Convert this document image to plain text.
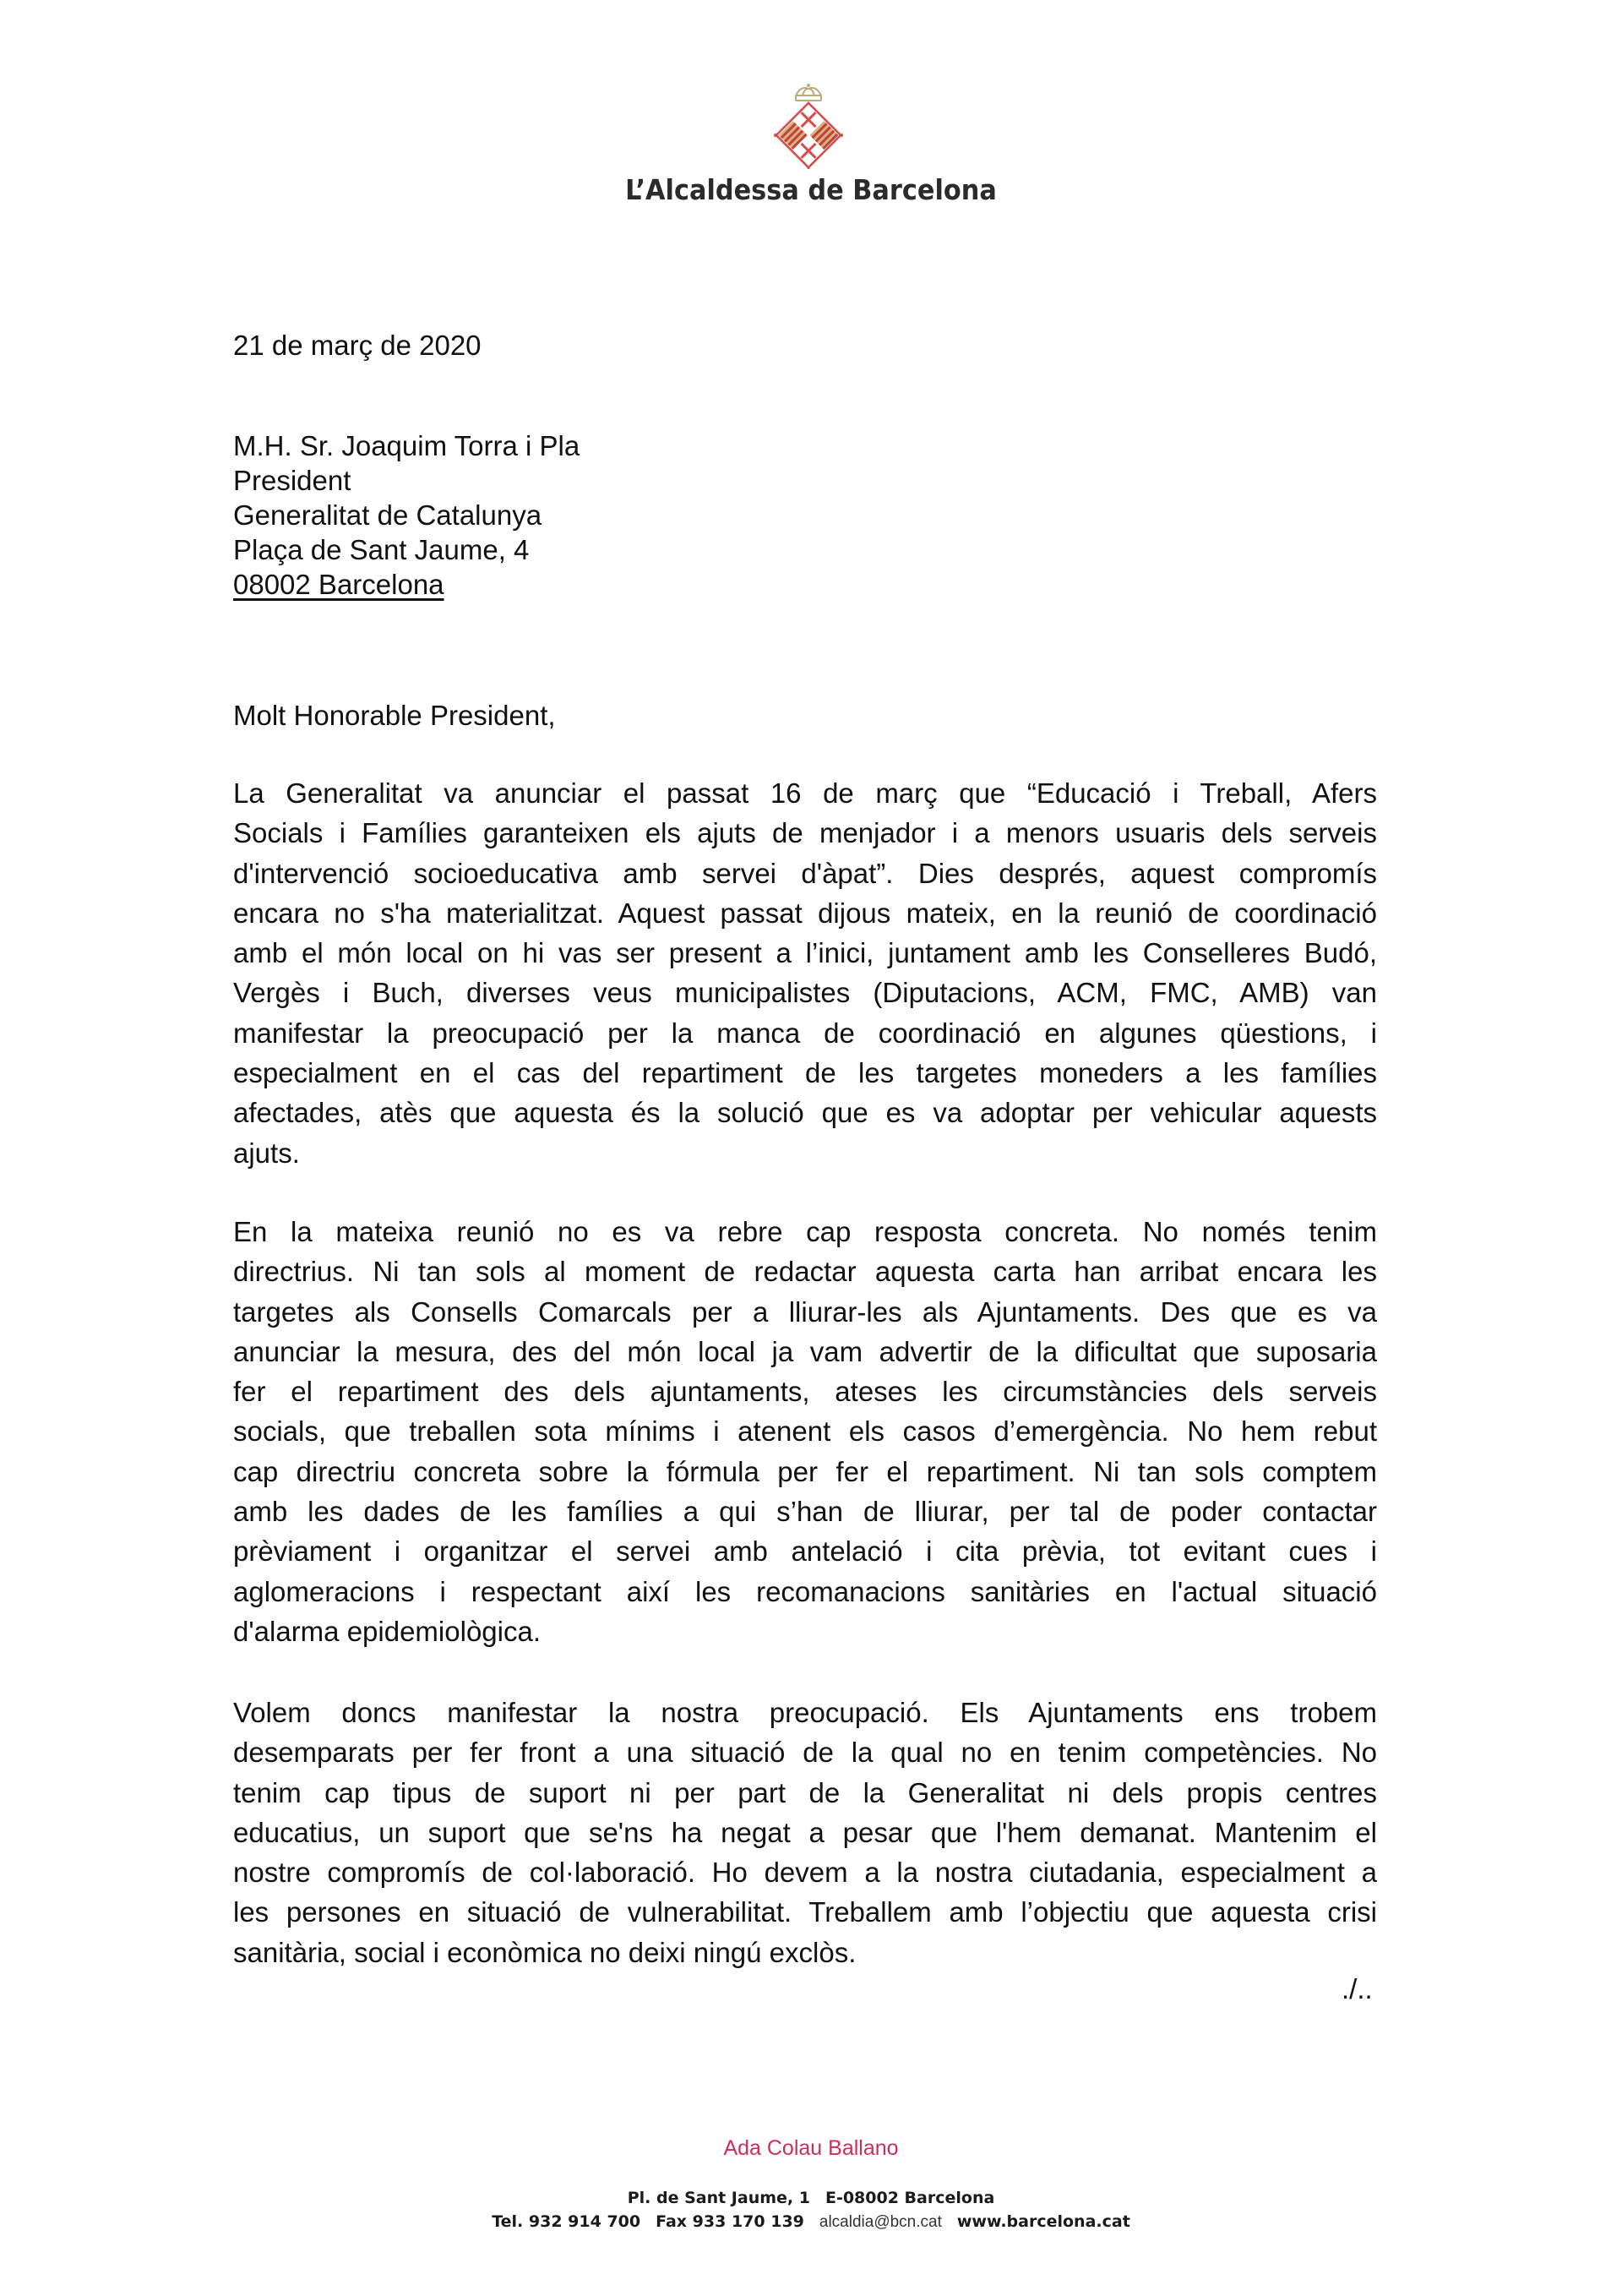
L’Alcaldessa de Barcelona
21 de març de 2020
M.H. Sr. Joaquim Torra i Pla
President
Generalitat de Catalunya
Plaça de Sant Jaume, 4
08002 Barcelona
Molt Honorable President,
La Generalitat va anunciar el passat 16 de març que “Educació i Treball, Afers
Socials i Famílies garanteixen els ajuts de menjador i a menors usuaris dels serveis
d'intervenció socioeducativa amb servei d'àpat”. Dies després, aquest compromís
encara no s'ha materialitzat. Aquest passat dijous mateix, en la reunió de coordinació
amb el món local on hi vas ser present a l’inici, juntament amb les Conselleres Budó,
Vergès i Buch, diverses veus municipalistes (Diputacions, ACM, FMC, AMB) van
manifestar la preocupació per la manca de coordinació en algunes qüestions, i
especialment en el cas del repartiment de les targetes moneders a les famílies
afectades, atès que aquesta és la solució que es va adoptar per vehicular aquests
ajuts.
En la mateixa reunió no es va rebre cap resposta concreta. No només tenim
directrius. Ni tan sols al moment de redactar aquesta carta han arribat encara les
targetes als Consells Comarcals per a lliurar-les als Ajuntaments. Des que es va
anunciar la mesura, des del món local ja vam advertir de la dificultat que suposaria
fer el repartiment des dels ajuntaments, ateses les circumstàncies dels serveis
socials, que treballen sota mínims i atenent els casos d’emergència. No hem rebut
cap directriu concreta sobre la fórmula per fer el repartiment. Ni tan sols comptem
amb les dades de les famílies a qui s’han de lliurar, per tal de poder contactar
prèviament i organitzar el servei amb antelació i cita prèvia, tot evitant cues i
aglomeracions i respectant així les recomanacions sanitàries en l'actual situació
d'alarma epidemiològica.
Volem doncs manifestar la nostra preocupació. Els Ajuntaments ens trobem
desemparats per fer front a una situació de la qual no en tenim competències. No
tenim cap tipus de suport ni per part de la Generalitat ni dels propis centres
educatius, un suport que se'ns ha negat a pesar que l'hem demanat. Mantenim el
nostre compromís de col·laboració. Ho devem a la nostra ciutadania, especialment a
les persones en situació de vulnerabilitat. Treballem amb l’objectiu que aquesta crisi
sanitària, social i econòmica no deixi ningú exclòs.
./..
Ada Colau Ballano
Pl. de Sant Jaume, 1 E-08002 Barcelona
Tel. 932 914 700 Fax 933 170 139 alcaldia@bcn.cat www.barcelona.cat
